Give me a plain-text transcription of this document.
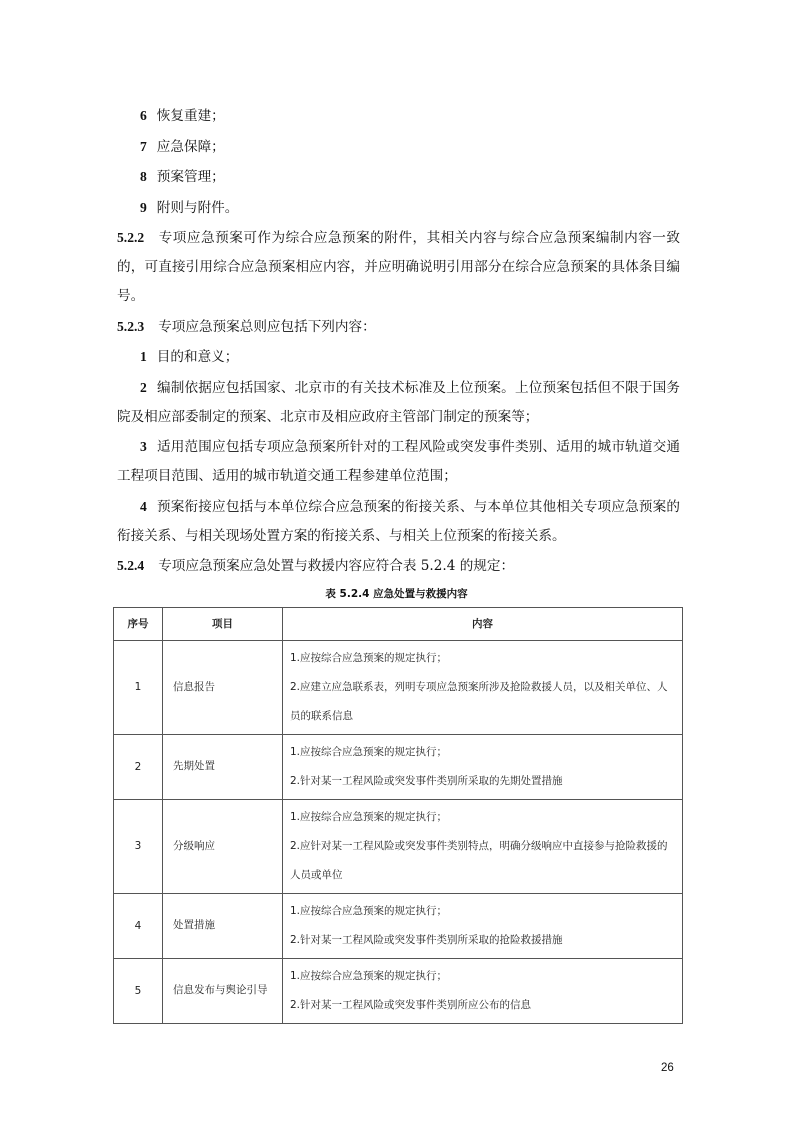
6 恢复重建；

7 应急保障；

8 预案管理；

9 附则与附件。

5.2.2 专项应急预案可作为综合应急预案的附件，其相关内容与综合应急预案编制内容一致的，可直接引用综合应急预案相应内容，并应明确说明引用部分在综合应急预案的具体条目编号。

5.2.3 专项应急预案总则应包括下列内容：

1 目的和意义；

2 编制依据应包括国家、北京市的有关技术标准及上位预案。上位预案包括但不限于国务院及相应部委制定的预案、北京市及相应政府主管部门制定的预案等；

3 适用范围应包括专项应急预案所针对的工程风险或突发事件类别、适用的城市轨道交通工程项目范围、适用的城市轨道交通工程参建单位范围；

4 预案衔接应包括与本单位综合应急预案的衔接关系、与本单位其他相关专项应急预案的衔接关系、与相关现场处置方案的衔接关系、与相关上位预案的衔接关系。

5.2.4 专项应急预案应急处置与救援内容应符合表 5.2.4 的规定：

表 5.2.4 应急处置与救援内容
序号	项目	内容
1	信息报告	1.应按综合应急预案的规定执行；
2.应建立应急联系表，列明专项应急预案所涉及抢险救援人员，以及相关单位、人员的联系信息

2	先期处置	1.应按综合应急预案的规定执行；
2.针对某一工程风险或突发事件类别所采取的先期处置措施

3	分级响应	1.应按综合应急预案的规定执行；
2.应针对某一工程风险或突发事件类别特点，明确分级响应中直接参与抢险救援的人员或单位

4	处置措施	1.应按综合应急预案的规定执行；
2.针对某一工程风险或突发事件类别所采取的抢险救援措施

5	信息发布与舆论引导	1.应按综合应急预案的规定执行；
2.针对某一工程风险或突发事件类别所应公布的信息
26
